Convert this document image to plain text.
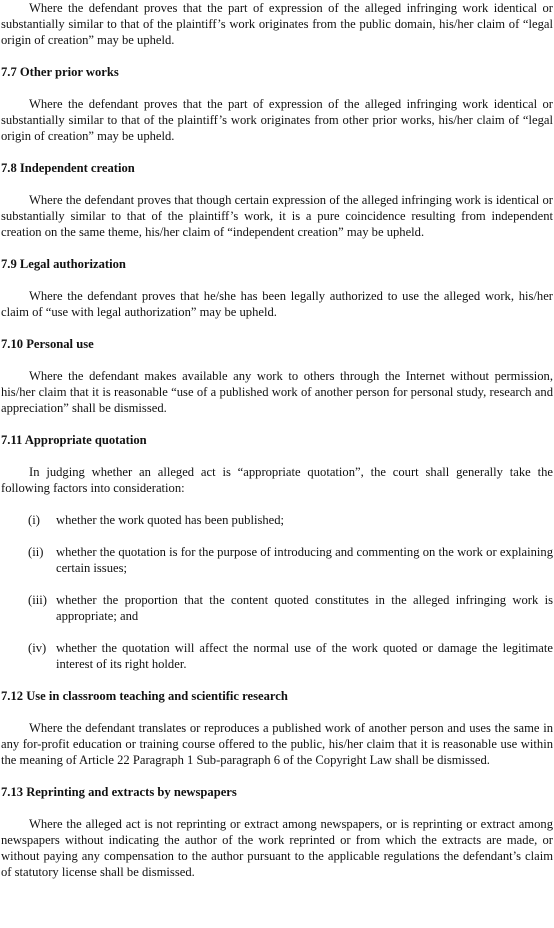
Where the defendant proves that the part of expression of the alleged infringing work identical or substantially similar to that of the plaintiff’s work originates from the public domain, his/her claim of “legal origin of creation” may be upheld.

7.7 Other prior works

Where the defendant proves that the part of expression of the alleged infringing work identical or substantially similar to that of the plaintiff’s work originates from other prior works, his/her claim of “legal origin of creation” may be upheld.

7.8 Independent creation

Where the defendant proves that though certain expression of the alleged infringing work is identical or substantially similar to that of the plaintiff’s work, it is a pure coincidence resulting from independent creation on the same theme, his/her claim of “independent creation” may be upheld.

7.9 Legal authorization

Where the defendant proves that he/she has been legally authorized to use the alleged work, his/her claim of “use with legal authorization” may be upheld.

7.10 Personal use

Where the defendant makes available any work to others through the Internet without permission, his/her claim that it is reasonable “use of a published work of another person for personal study, research and appreciation” shall be dismissed.

7.11 Appropriate quotation

In judging whether an alleged act is “appropriate quotation”, the court shall generally take the following factors into consideration:

(i)	whether the work quoted has been published;
(ii)	whether the quotation is for the purpose of introducing and commenting on the work or explaining certain issues;
(iii) whether the proportion that the content quoted constitutes in the alleged infringing work is appropriate; and
(iv) whether the quotation will affect the normal use of the work quoted or damage the legitimate interest of its right holder.
7.12 Use in classroom teaching and scientific research

Where the defendant translates or reproduces a published work of another person and uses the same in any for-profit education or training course offered to the public, his/her claim that it is reasonable use within the meaning of Article 22 Paragraph 1 Sub-paragraph 6 of the Copyright Law shall be dismissed.

7.13 Reprinting and extracts by newspapers

Where the alleged act is not reprinting or extract among newspapers, or is reprinting or extract among newspapers without indicating the author of the work reprinted or from which the extracts are made, or without paying any compensation to the author pursuant to the applicable regulations the defendant’s claim of statutory license shall be dismissed.
